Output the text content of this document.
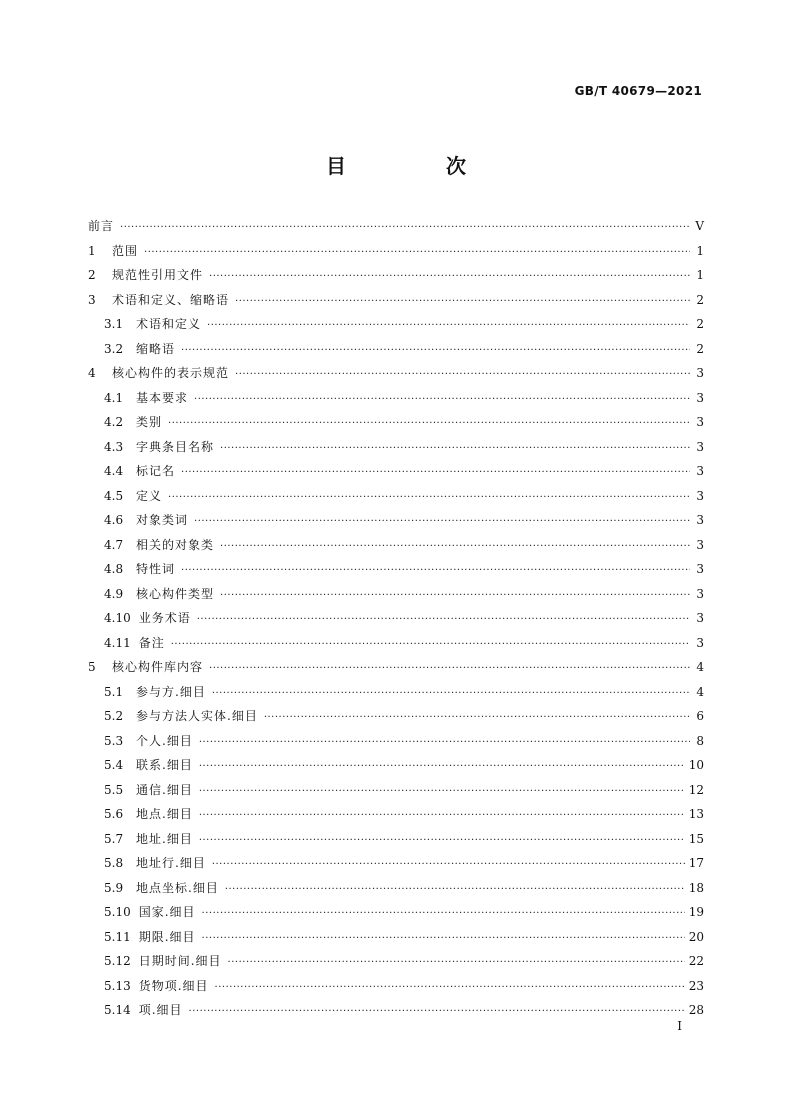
GB/T 40679—2021
目　次
前言 ·····	Ⅴ
1	范围 ·····	1
2	规范性引用文件 ·····	1
3	术语和定义、缩略语 ·····	2
3.1	术语和定义 ·····	2
3.2	缩略语 ·····	2
4	核心构件的表示规范 ·····	3
4.1	基本要求 ·····	3
4.2	类别 ·····	3
4.3	字典条目名称 ·····	3
4.4	标记名 ·····	3
4.5	定义 ·····	3
4.6	对象类词 ·····	3
4.7	相关的对象类 ·····	3
4.8	特性词 ·····	3
4.9	核心构件类型 ·····	3
4.10 业务术语 ·····	3
4.11 备注 ·····	3
5	核心构件库内容 ·····	4
5.1	参与方.细目 ·····	4
5.2	参与方法人实体.细目 ·····	6
5.3	个人.细目 ·····	8
5.4	联系.细目 ·····	10
5.5	通信.细目 ·····	12
5.6	地点.细目 ·····	13
5.7	地址.细目 ·····	15
5.8	地址行.细目 ·····	17
5.9	地点坐标.细目 ·····	18
5.10 国家.细目 ·····	19
5.11 期限.细目 ·····	20
5.12 日期时间.细目 ·····	22
5.13 货物项.细目 ·····	23
5.14 项.细目 ·····	28
Ⅰ
